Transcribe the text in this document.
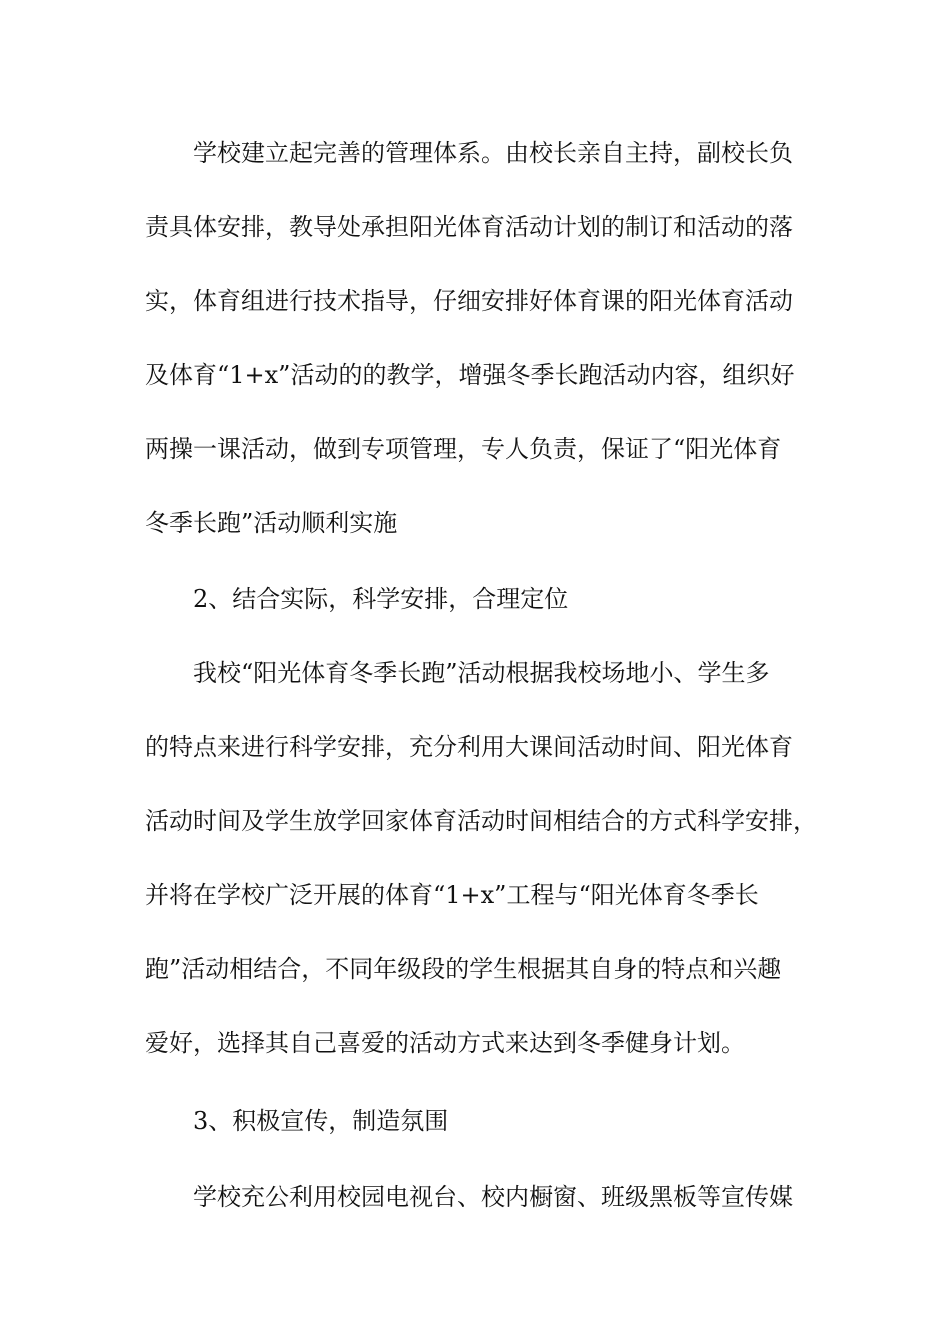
学校建立起完善的管理体系。由校长亲自主持，副校长负
责具体安排，教导处承担阳光体育活动计划的制订和活动的落
实，体育组进行技术指导，仔细安排好体育课的阳光体育活动
及体育“1+x”活动的的教学，增强冬季长跑活动内容，组织好
两操一课活动，做到专项管理，专人负责，保证了“阳光体育
冬季长跑”活动顺利实施
2、结合实际，科学安排，合理定位
我校“阳光体育冬季长跑”活动根据我校场地小、学生多
的特点来进行科学安排，充分利用大课间活动时间、阳光体育
活动时间及学生放学回家体育活动时间相结合的方式科学安排，
并将在学校广泛开展的体育“1+x”工程与“阳光体育冬季长
跑”活动相结合，不同年级段的学生根据其自身的特点和兴趣
爱好，选择其自己喜爱的活动方式来达到冬季健身计划。
3、积极宣传，制造氛围
学校充公利用校园电视台、校内橱窗、班级黑板等宣传媒
